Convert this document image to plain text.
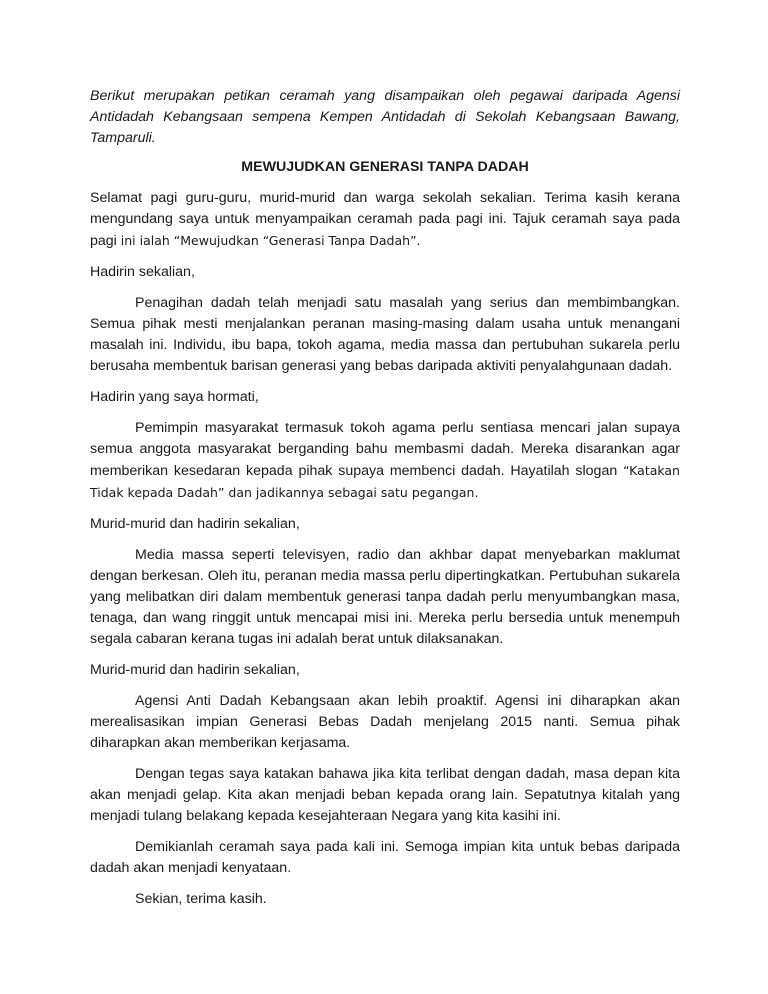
Berikut merupakan petikan ceramah yang disampaikan oleh pegawai daripada Agensi Antidadah Kebangsaan sempena Kempen Antidadah di Sekolah Kebangsaan Bawang, Tamparuli.

MEWUJUDKAN GENERASI TANPA DADAH

Selamat pagi guru-guru, murid-murid dan warga sekolah sekalian. Terima kasih kerana mengundang saya untuk menyampaikan ceramah pada pagi ini. Tajuk ceramah saya pada pagi ini ialah “Mewujudkan “Generasi Tanpa Dadah”.

Hadirin sekalian,

Penagihan dadah telah menjadi satu masalah yang serius dan membimbangkan. Semua pihak mesti menjalankan peranan masing-masing dalam usaha untuk menangani masalah ini. Individu, ibu bapa, tokoh agama, media massa dan pertubuhan sukarela perlu berusaha membentuk barisan generasi yang bebas daripada aktiviti penyalahgunaan dadah.

Hadirin yang saya hormati,

Pemimpin masyarakat termasuk tokoh agama perlu sentiasa mencari jalan supaya semua anggota masyarakat berganding bahu membasmi dadah. Mereka disarankan agar memberikan kesedaran kepada pihak supaya membenci dadah. Hayatilah slogan “Katakan Tidak kepada Dadah” dan jadikannya sebagai satu pegangan.

Murid-murid dan hadirin sekalian,

Media massa seperti televisyen, radio dan akhbar dapat menyebarkan maklumat dengan berkesan. Oleh itu, peranan media massa perlu dipertingkatkan. Pertubuhan sukarela yang melibatkan diri dalam membentuk generasi tanpa dadah perlu menyumbangkan masa, tenaga, dan wang ringgit untuk mencapai misi ini. Mereka perlu bersedia untuk menempuh segala cabaran kerana tugas ini adalah berat untuk dilaksanakan.

Murid-murid dan hadirin sekalian,

Agensi Anti Dadah Kebangsaan akan lebih proaktif. Agensi ini diharapkan akan merealisasikan impian Generasi Bebas Dadah menjelang 2015 nanti. Semua pihak diharapkan akan memberikan kerjasama.

Dengan tegas saya katakan bahawa jika kita terlibat dengan dadah, masa depan kita akan menjadi gelap. Kita akan menjadi beban kepada orang lain. Sepatutnya kitalah yang menjadi tulang belakang kepada kesejahteraan Negara yang kita kasihi ini.

Demikianlah ceramah saya pada kali ini. Semoga impian kita untuk bebas daripada dadah akan menjadi kenyataan.

Sekian, terima kasih.
